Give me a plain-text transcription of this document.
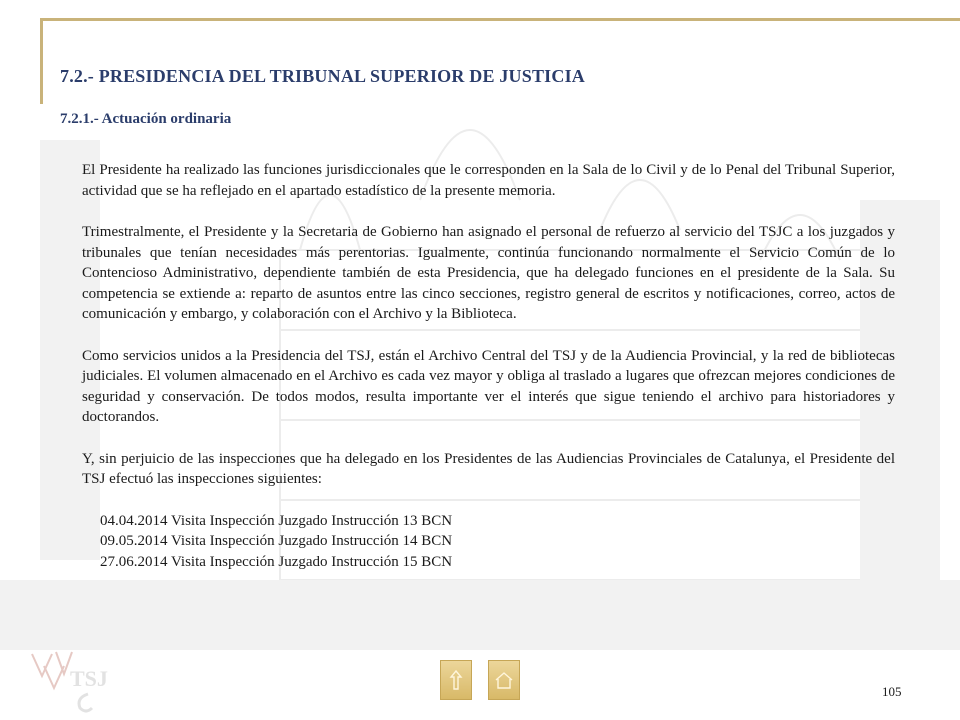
TSJ
7.2.- PRESIDENCIA DEL TRIBUNAL SUPERIOR DE JUSTICIA
7.2.1.- Actuación ordinaria

El Presidente ha realizado las funciones jurisdiccionales que le corresponden en la Sala de lo Civil y de lo Penal del Tribunal Superior, actividad que se ha reflejado en el apartado estadístico de la presente memoria.

Trimestralmente, el Presidente y la Secretaria de Gobierno han asignado el personal de refuerzo al servicio del TSJC a los juzgados y tribunales que tenían necesidades más perentorias. Igualmente, continúa funcionando normalmente el Servicio Común de lo Contencioso Administrativo, dependiente también de esta Presidencia, que ha delegado funciones en el presidente de la Sala. Su competencia se extiende a: reparto de asuntos entre las cinco secciones, registro general de escritos y notificaciones, correo, actos de comunicación y embargo, y colaboración con el Archivo y la Biblioteca.

Como servicios unidos a la Presidencia del TSJ, están el Archivo Central del TSJ y de la Audiencia Provincial, y la red de bibliotecas judiciales. El volumen almacenado en el Archivo es cada vez mayor y obliga al traslado a lugares que ofrezcan mejores condiciones de seguridad y conservación. De todos modos, resulta importante ver el interés que sigue teniendo el archivo para historiadores y doctorandos.

Y, sin perjuicio de las inspecciones que ha delegado en los Presidentes de las Audiencias Provinciales de Catalunya, el Presidente del TSJ efectuó las inspecciones siguientes:

04.04.2014 Visita Inspección Juzgado Instrucción 13 BCN
09.05.2014 Visita Inspección Juzgado Instrucción 14 BCN
27.06.2014 Visita Inspección Juzgado Instrucción 15 BCN
105
